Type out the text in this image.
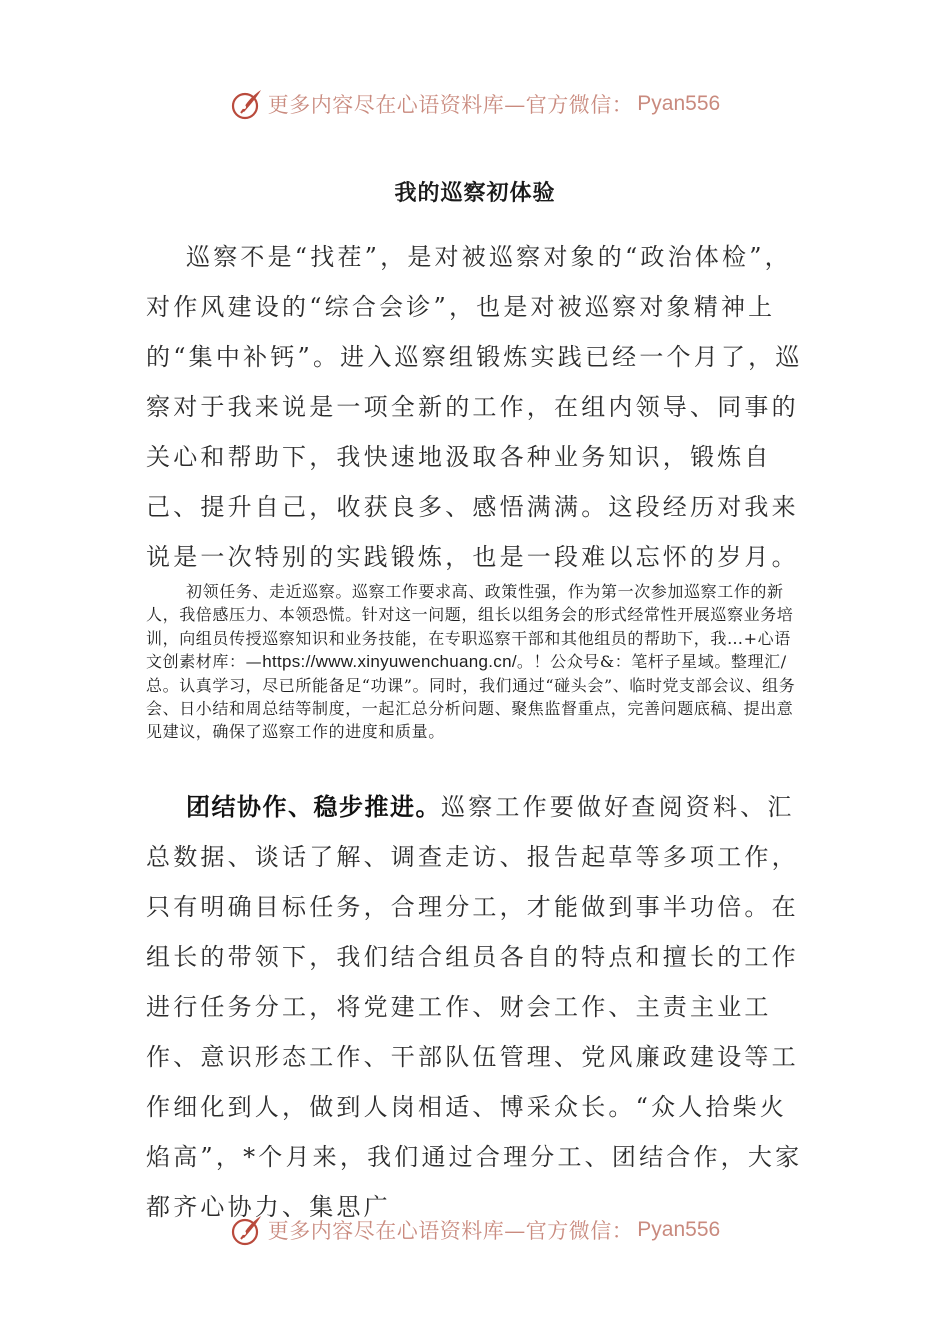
更多内容尽在心语资料库—官方微信： Pyan556
我的巡察初体验

巡察不是“找茬”，是对被巡察对象的“政治体检”，对作风建设的“综合会诊”，也是对被巡察对象精神上的“集中补钙”。进入巡察组锻炼实践已经一个月了，巡察对于我来说是一项全新的工作，在组内领导、同事的关心和帮助下，我快速地汲取各种业务知识，锻炼自己、提升自己，收获良多、感悟满满。这段经历对我来说是一次特别的实践锻炼，也是一段难以忘怀的岁月。

初领任务、走近巡察。巡察工作要求高、政策性强，作为第一次参加巡察工作的新人，我倍感压力、本领恐慌。针对这一问题，组长以组务会的形式经常性开展巡察业务培训，向组员传授巡察知识和业务技能，在专职巡察干部和其他组员的帮助下，我…+心语文创素材库：—https://www.xinyuwenchuang.cn/。！公众号&：笔杆子星域。整理汇/总。认真学习，尽已所能备足“功课”。同时，我们通过“碰头会”、临时党支部会议、组务会、日小结和周总结等制度，一起汇总分析问题、聚焦监督重点，完善问题底稿、提出意见建议，确保了巡察工作的进度和质量。

团结协作、稳步推进。巡察工作要做好查阅资料、汇总数据、谈话了解、调查走访、报告起草等多项工作，只有明确目标任务，合理分工，才能做到事半功倍。在组长的带领下，我们结合组员各自的特点和擅长的工作进行任务分工，将党建工作、财会工作、主责主业工作、意识形态工作、干部队伍管理、党风廉政建设等工作细化到人，做到人岗相适、博采众长。“众人拾柴火焰高”，*个月来，我们通过合理分工、团结合作，大家都齐心协力、集思广

更多内容尽在心语资料库—官方微信： Pyan556
